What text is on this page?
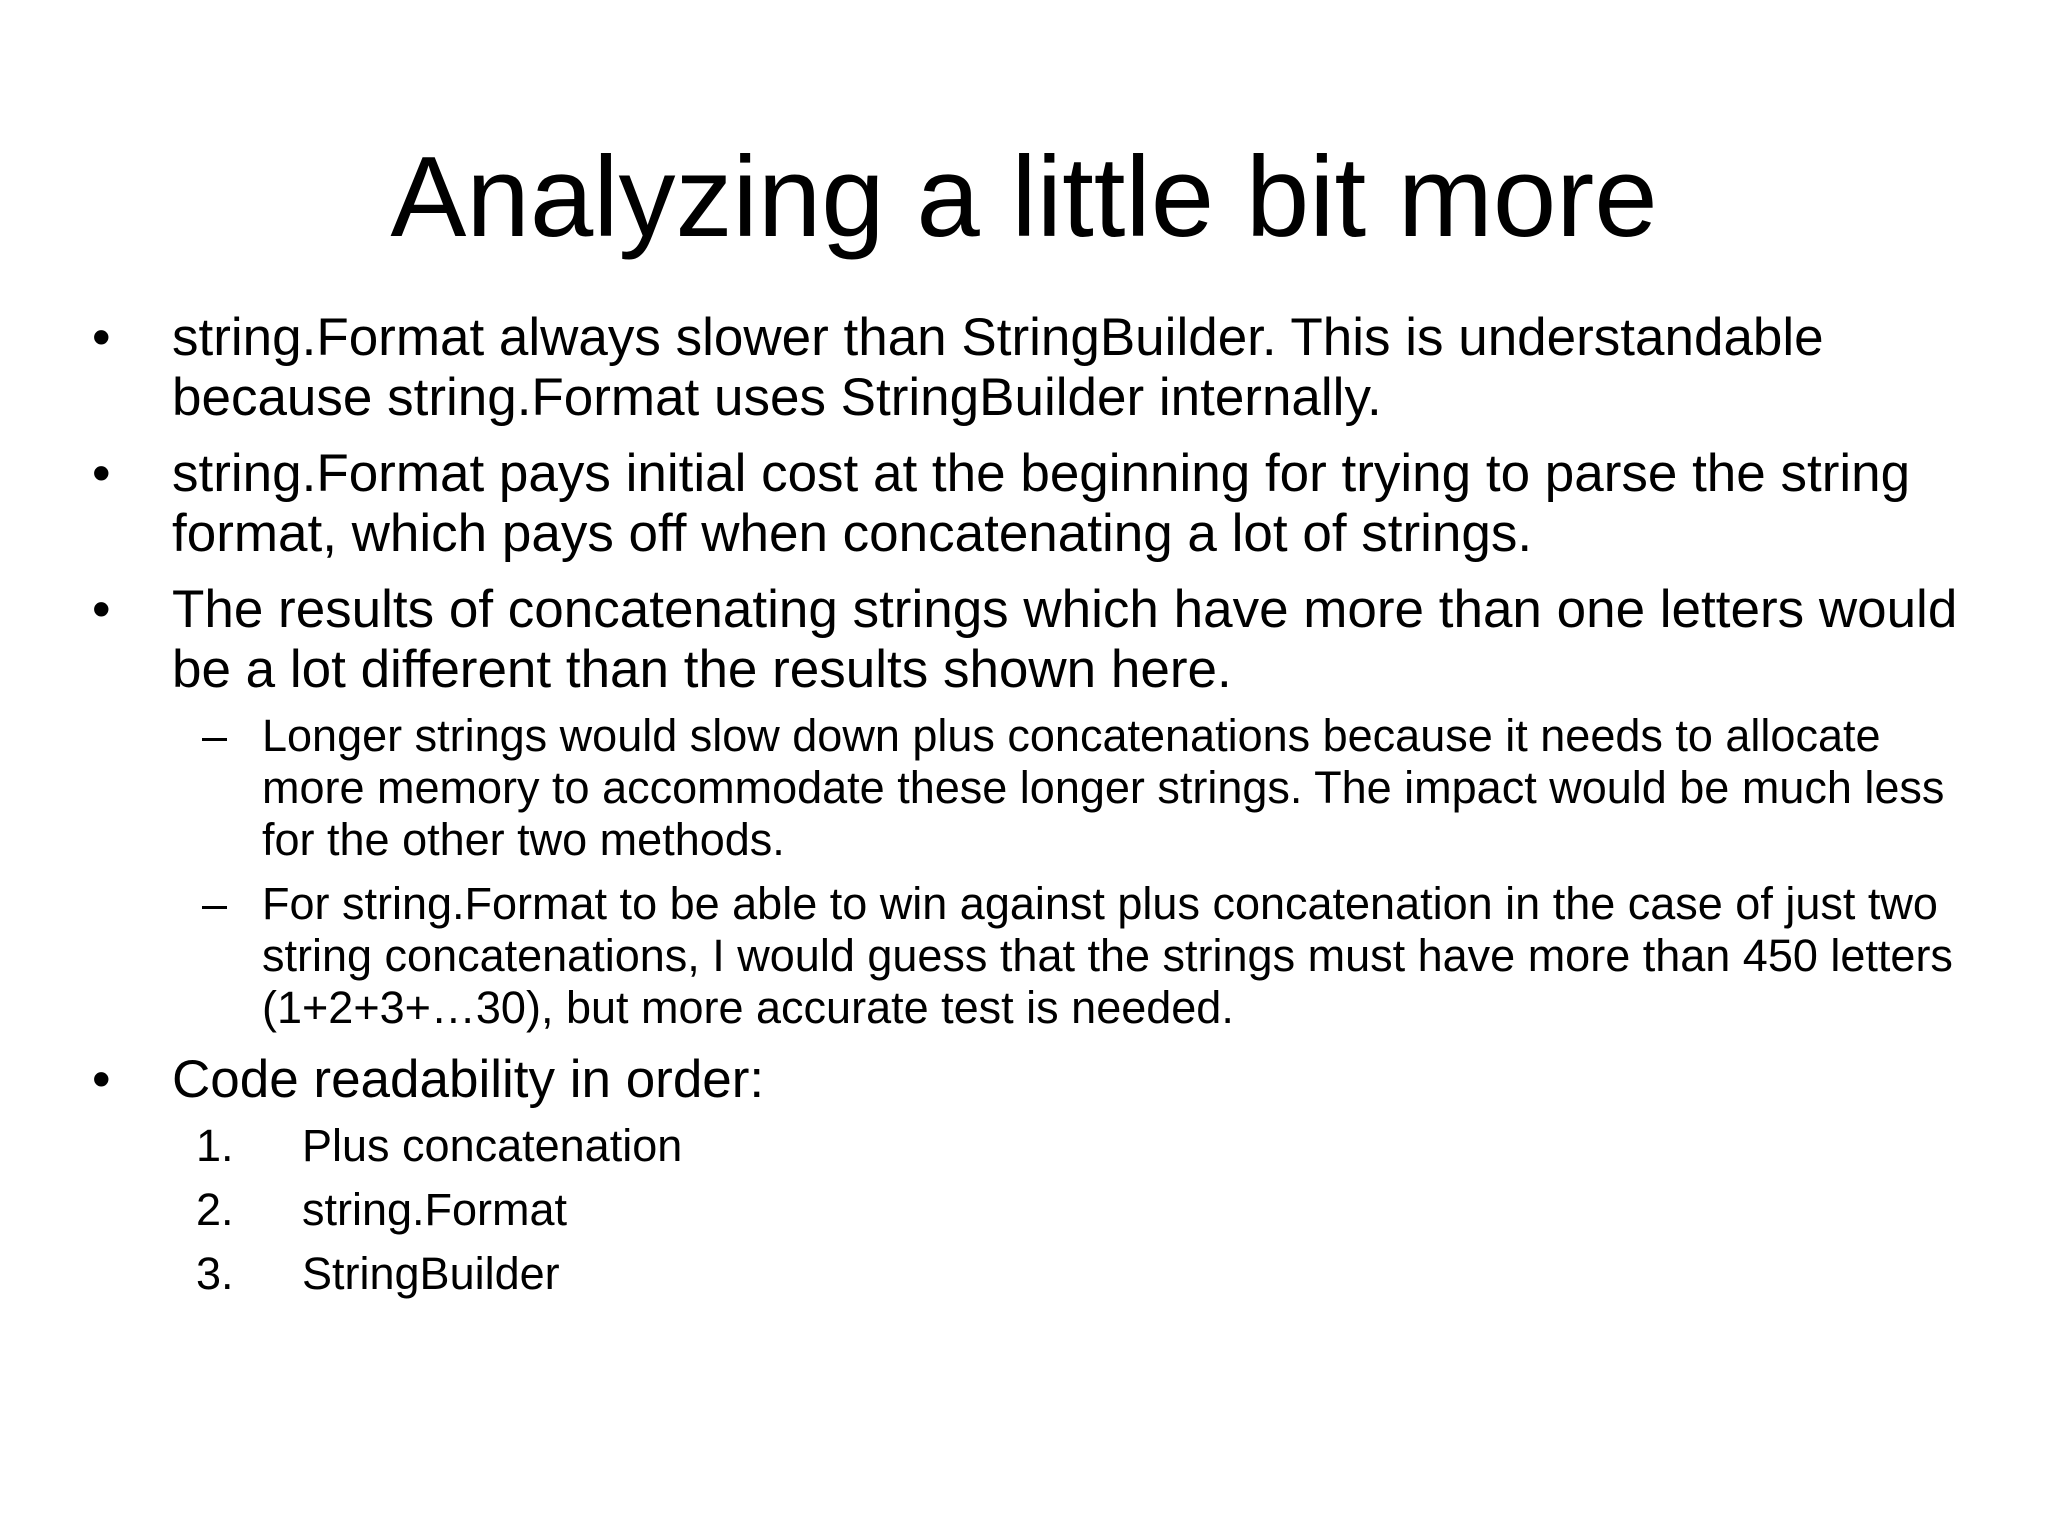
Analyzing a little bit more
•	string.Format always slower than StringBuilder. This is understandable because string.Format uses StringBuilder internally.
•	string.Format pays initial cost at the beginning for trying to parse the string format, which pays off when concatenating a lot of strings.
•	The results of concatenating strings which have more than one letters would be a lot different than the results shown here.
– Longer strings would slow down plus concatenations because it needs to allocate more memory to accommodate these longer strings. The impact would be much less for the other two methods.
– For string.Format to be able to win against plus concatenation in the case of just two string concatenations, I would guess that the strings must have more than 450 letters (1+2+3+…30), but more accurate test is needed.
•	Code readability in order:
1. Plus concatenation
2. string.Format
3. StringBuilder
